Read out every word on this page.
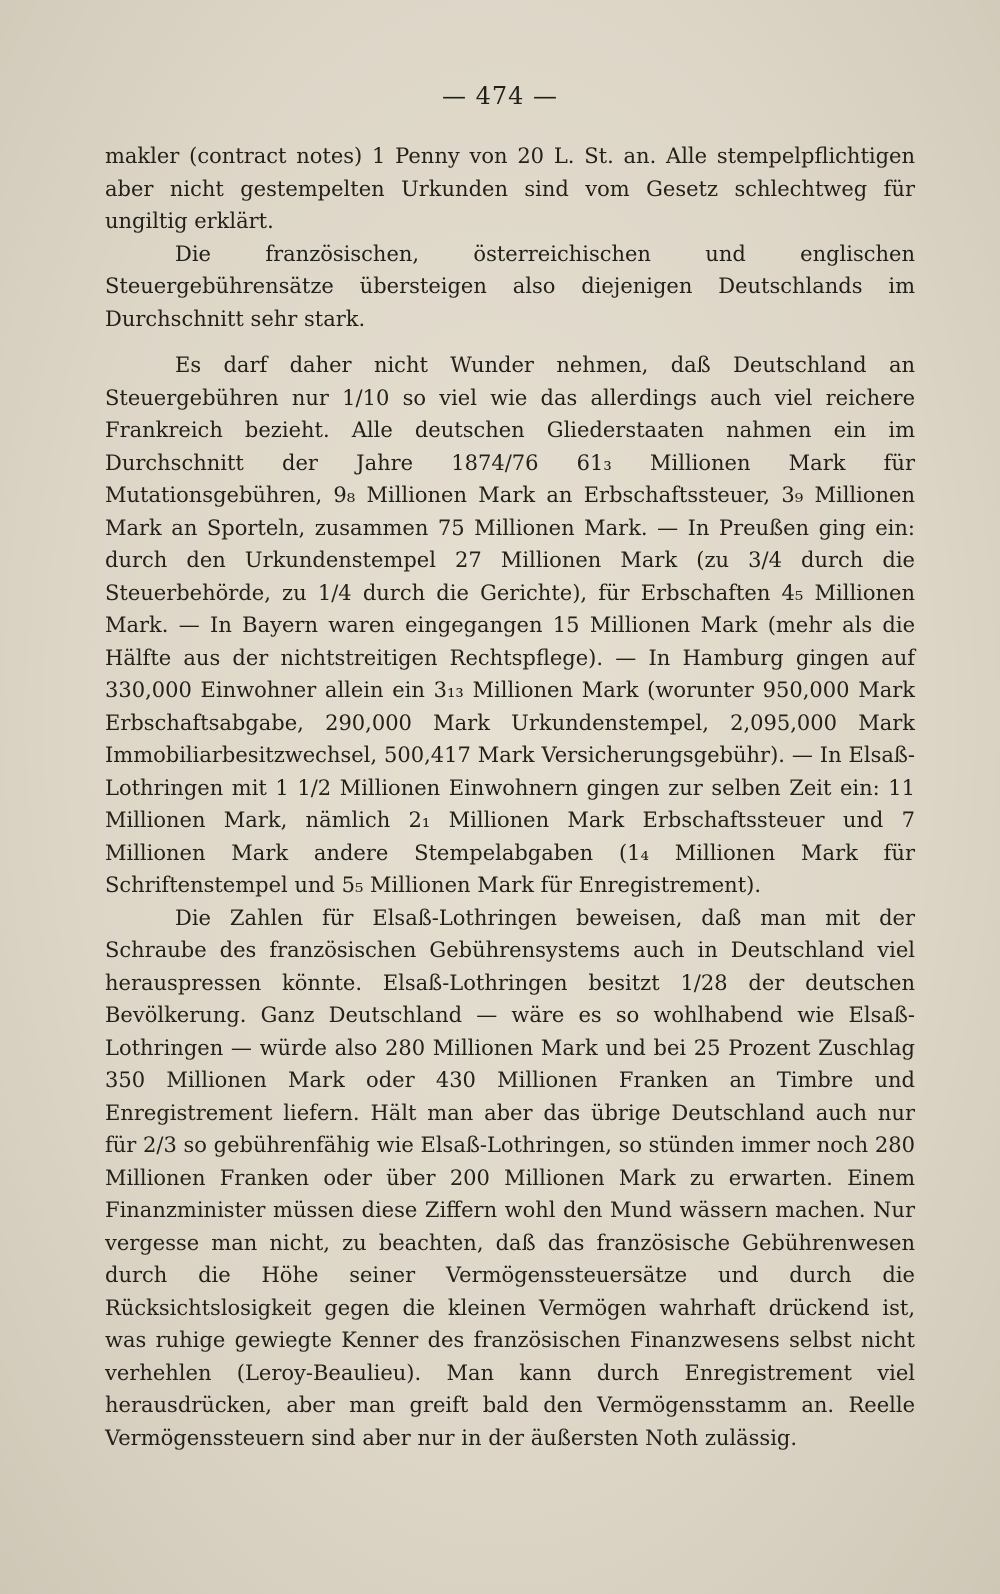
— 474 —

makler (contract notes) 1 Penny von 20 L. St. an. Alle stempelpflichtigen aber nicht gestempelten Urkunden sind vom Gesetz schlechtweg für ungiltig erklärt.

Die französischen, österreichischen und englischen Steuergebührensätze übersteigen also diejenigen Deutschlands im Durchschnitt sehr stark.

Es darf daher nicht Wunder nehmen, daß Deutschland an Steuergebühren nur 1/10 so viel wie das allerdings auch viel reichere Frankreich bezieht. Alle deutschen Gliederstaaten nahmen ein im Durchschnitt der Jahre 1874/76 61₃ Millionen Mark für Mutationsgebühren, 9₈ Millionen Mark an Erbschaftssteuer, 3₉ Millionen Mark an Sporteln, zusammen 75 Millionen Mark. — In Preußen ging ein: durch den Urkundenstempel 27 Millionen Mark (zu 3/4 durch die Steuerbehörde, zu 1/4 durch die Gerichte), für Erbschaften 4₅ Millionen Mark. — In Bayern waren eingegangen 15 Millionen Mark (mehr als die Hälfte aus der nichtstreitigen Rechtspflege). — In Hamburg gingen auf 330,000 Einwohner allein ein 3₁₃ Millionen Mark (worunter 950,000 Mark Erbschaftsabgabe, 290,000 Mark Urkundenstempel, 2,095,000 Mark Immobiliarbesitzwechsel, 500,417 Mark Versicherungsgebühr). — In Elsaß-Lothringen mit 1 1/2 Millionen Einwohnern gingen zur selben Zeit ein: 11 Millionen Mark, nämlich 2₁ Millionen Mark Erbschaftssteuer und 7 Millionen Mark andere Stempelabgaben (1₄ Millionen Mark für Schriftenstempel und 5₅ Millionen Mark für Enregistrement).

Die Zahlen für Elsaß-Lothringen beweisen, daß man mit der Schraube des französischen Gebührensystems auch in Deutschland viel herauspressen könnte. Elsaß-Lothringen besitzt 1/28 der deutschen Bevölkerung. Ganz Deutschland — wäre es so wohlhabend wie Elsaß-Lothringen — würde also 280 Millionen Mark und bei 25 Prozent Zuschlag 350 Millionen Mark oder 430 Millionen Franken an Timbre und Enregistrement liefern. Hält man aber das übrige Deutschland auch nur für 2/3 so gebührenfähig wie Elsaß-Lothringen, so stünden immer noch 280 Millionen Franken oder über 200 Millionen Mark zu erwarten. Einem Finanzminister müssen diese Ziffern wohl den Mund wässern machen. Nur vergesse man nicht, zu beachten, daß das französische Gebührenwesen durch die Höhe seiner Vermögenssteuersätze und durch die Rücksichtslosigkeit gegen die kleinen Vermögen wahrhaft drückend ist, was ruhige gewiegte Kenner des französischen Finanzwesens selbst nicht verhehlen (Leroy-Beaulieu). Man kann durch Enregistrement viel herausdrücken, aber man greift bald den Vermögensstamm an. Reelle Vermögenssteuern sind aber nur in der äußersten Noth zulässig.
